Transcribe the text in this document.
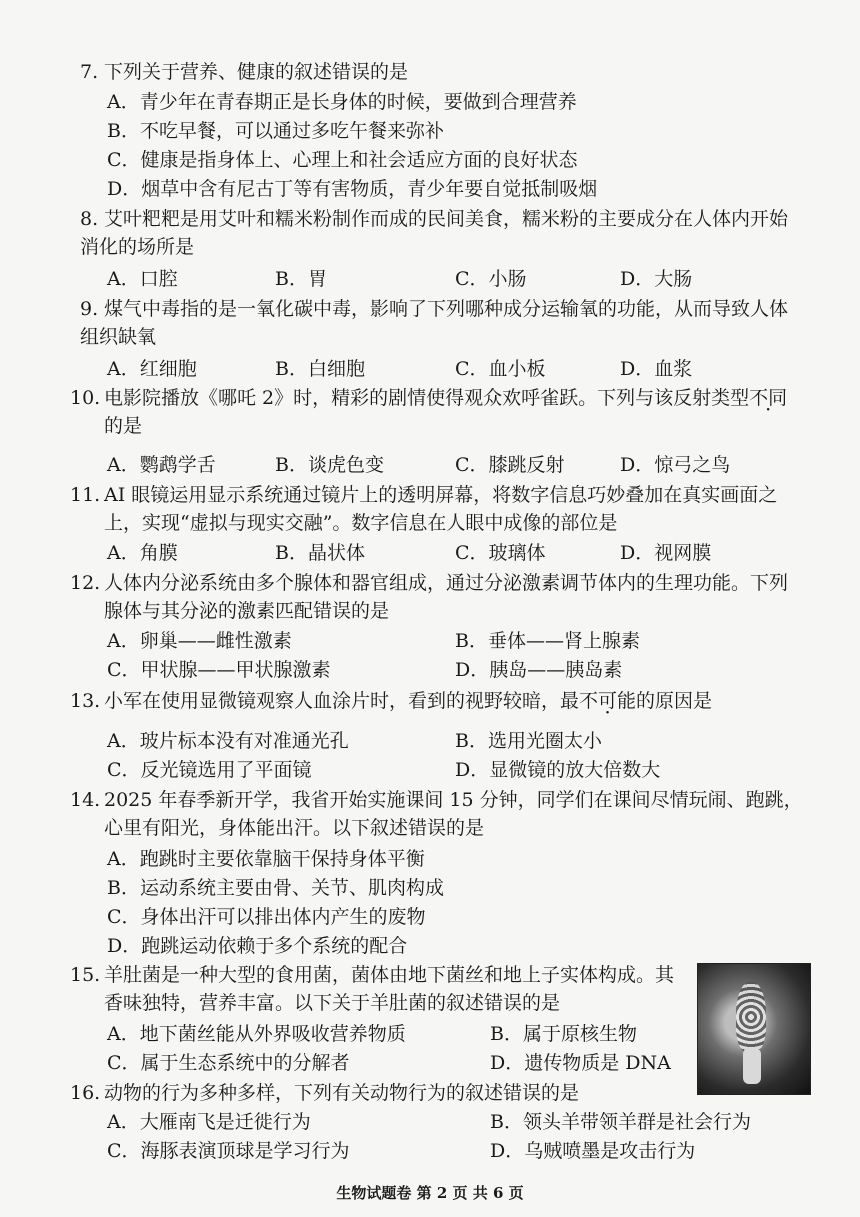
7. 下列关于营养、健康的叙述错误的是
A．青少年在青春期正是长身体的时候，要做到合理营养
B．不吃早餐，可以通过多吃午餐来弥补
C．健康是指身体上、心理上和社会适应方面的良好状态
D．烟草中含有尼古丁等有害物质，青少年要自觉抵制吸烟
8. 艾叶粑粑是用艾叶和糯米粉制作而成的民间美食，糯米粉的主要成分在人体内开始
消化的场所是
A．口腔	B．胃	C．小肠	D．大肠
9. 煤气中毒指的是一氧化碳中毒，影响了下列哪种成分运输氧的功能，从而导致人体
组织缺氧
A．红细胞	B．白细胞	C．血小板	D．血浆
10. 电影院播放《哪吒 2》时，精彩的剧情使得观众欢呼雀跃。下列与该反射类型不同
的是
A．鹦鹉学舌	B．谈虎色变	C．膝跳反射	D．惊弓之鸟
11. AI 眼镜运用显示系统通过镜片上的透明屏幕，将数字信息巧妙叠加在真实画面之
上，实现“虚拟与现实交融”。数字信息在人眼中成像的部位是
A．角膜	B．晶状体	C．玻璃体	D．视网膜
12. 人体内分泌系统由多个腺体和器官组成，通过分泌激素调节体内的生理功能。下列
腺体与其分泌的激素匹配错误的是
A．卵巢——雌性激素	B．垂体——肾上腺素
C．甲状腺——甲状腺激素	D．胰岛——胰岛素
13. 小军在使用显微镜观察人血涂片时，看到的视野较暗，最不可能的原因是
A．玻片标本没有对准通光孔	B．选用光圈太小
C．反光镜选用了平面镜	D．显微镜的放大倍数大
14. 2025 年春季新开学，我省开始实施课间 15 分钟，同学们在课间尽情玩闹、跑跳，
心里有阳光，身体能出汗。以下叙述错误的是
A．跑跳时主要依靠脑干保持身体平衡
B．运动系统主要由骨、关节、肌肉构成
C．身体出汗可以排出体内产生的废物
D．跑跳运动依赖于多个系统的配合
15. 羊肚菌是一种大型的食用菌，菌体由地下菌丝和地上子实体构成。其
香味独特，营养丰富。以下关于羊肚菌的叙述错误的是
A．地下菌丝能从外界吸收营养物质	B．属于原核生物
C．属于生态系统中的分解者	D．遗传物质是 DNA
16. 动物的行为多种多样，下列有关动物行为的叙述错误的是
A．大雁南飞是迁徙行为	B．领头羊带领羊群是社会行为
C．海豚表演顶球是学习行为	D．乌贼喷墨是攻击行为
生物试题卷 第 2 页 共 6 页
